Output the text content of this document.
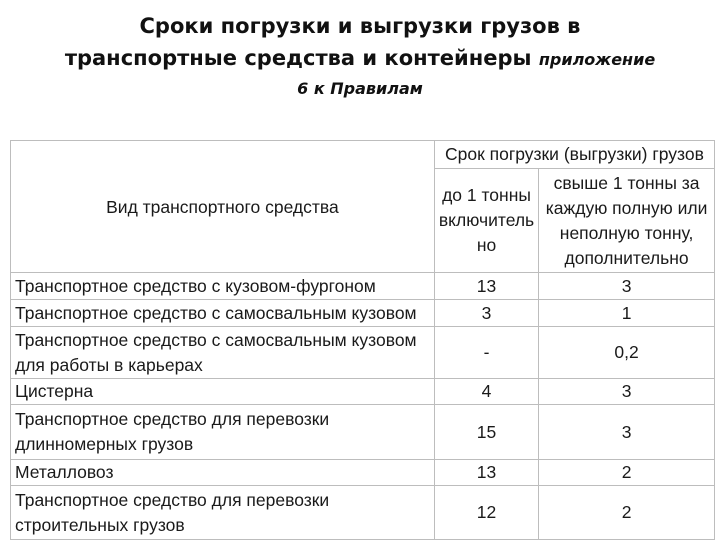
Сроки погрузки и выгрузки грузов в
транспортные средства и контейнеры приложение
6 к Правилам
Вид транспортного средства	Срок погрузки (выгрузки) грузов	
	до 1 тонны включитель но	свыше 1 тонны за каждую полную или неполную тонну, дополнительно
Транспортное средство с кузовом-фургоном	13	3
Транспортное средство с самосвальным кузовом	3	1
Транспортное средство с самосвальным кузовом для работы в карьерах	-	0,2
Цистерна	4	3
Транспортное средство для перевозки длинномерных грузов	15	3
Металловоз	13	2
Транспортное средство для перевозки строительных грузов	12	2
